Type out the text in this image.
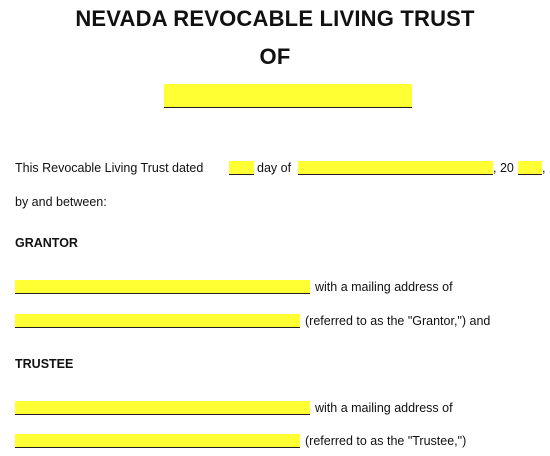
NEVADA REVOCABLE LIVING TRUST
OF
This Revocable Living Trust dated	day of	, 20 ,
by and between:
GRANTOR
with a mailing address of
(referred to as the "Grantor,") and
TRUSTEE
with a mailing address of
(referred to as the "Trustee,")
